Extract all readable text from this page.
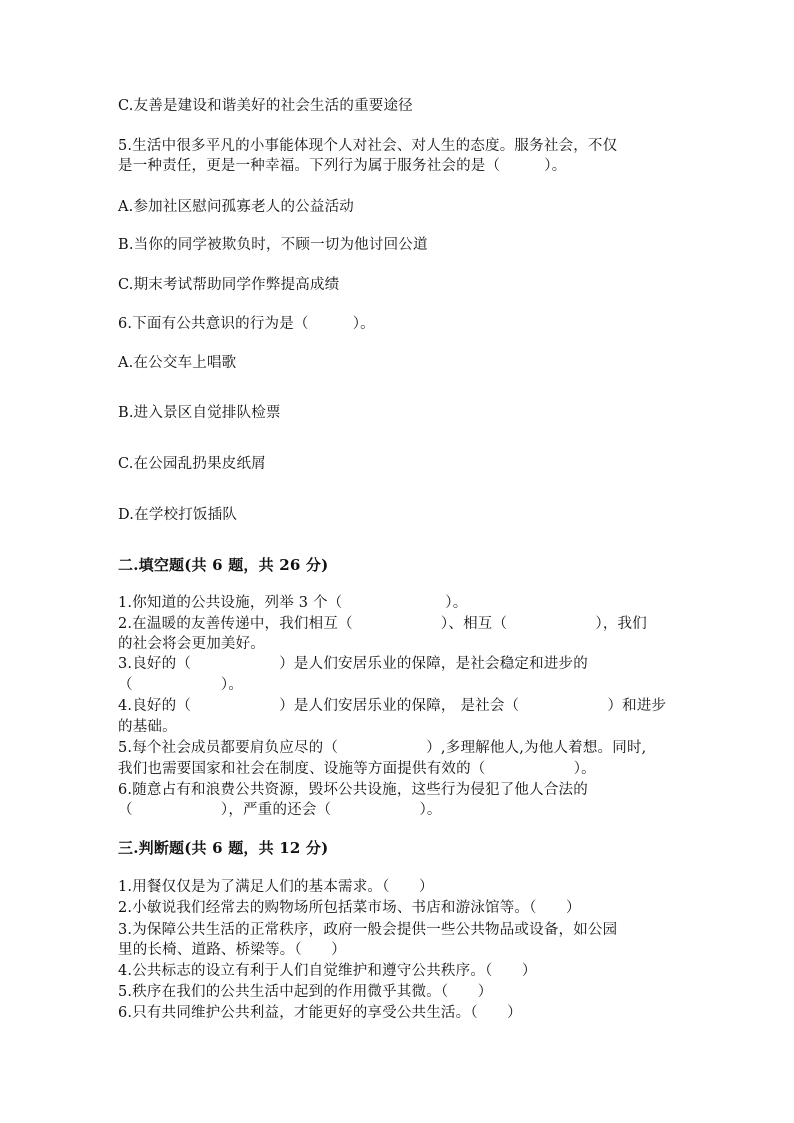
C.友善是建设和谐美好的社会生活的重要途径
5.生活中很多平凡的小事能体现个人对社会、对人生的态度。服务社会，不仅
是一种责任，更是一种幸福。下列行为属于服务社会的是（　　　）。
A.参加社区慰问孤寡老人的公益活动
B.当你的同学被欺负时，不顾一切为他讨回公道
C.期末考试帮助同学作弊提高成绩
6.下面有公共意识的行为是（　　　）。
A.在公交车上唱歌
B.进入景区自觉排队检票
C.在公园乱扔果皮纸屑
D.在学校打饭插队
二.填空题(共 6 题，共 26 分)
1.你知道的公共设施，列举 3 个（　　　　　　　）。
2.在温暖的友善传递中，我们相互（　　　　　　）、相互（　　　　　　），我们
的社会将会更加美好。
3.良好的（　　　　　　）是人们安居乐业的保障，是社会稳定和进步的
（　　　　　　）。
4.良好的（　　　　　　）是人们安居乐业的保障， 是社会（　　　　　　）和进步
的基础。
5.每个社会成员都要肩负应尽的（　　　　　　）,多理解他人,为他人着想。同时,
我们也需要国家和社会在制度、设施等方面提供有效的（　　　　　　）。
6.随意占有和浪费公共资源，毁坏公共设施，这些行为侵犯了他人合法的
（　　　　　　），严重的还会（　　　　　　）。
三.判断题(共 6 题，共 12 分)
1.用餐仅仅是为了满足人们的基本需求。（　　）
2.小敏说我们经常去的购物场所包括菜市场、书店和游泳馆等。（　　）
3.为保障公共生活的正常秩序，政府一般会提供一些公共物品或设备，如公园
里的长椅、道路、桥梁等。（　　）
4.公共标志的设立有利于人们自觉维护和遵守公共秩序。（　　）
5.秩序在我们的公共生活中起到的作用微乎其微。（　　）
6.只有共同维护公共利益，才能更好的享受公共生活。（　　）
